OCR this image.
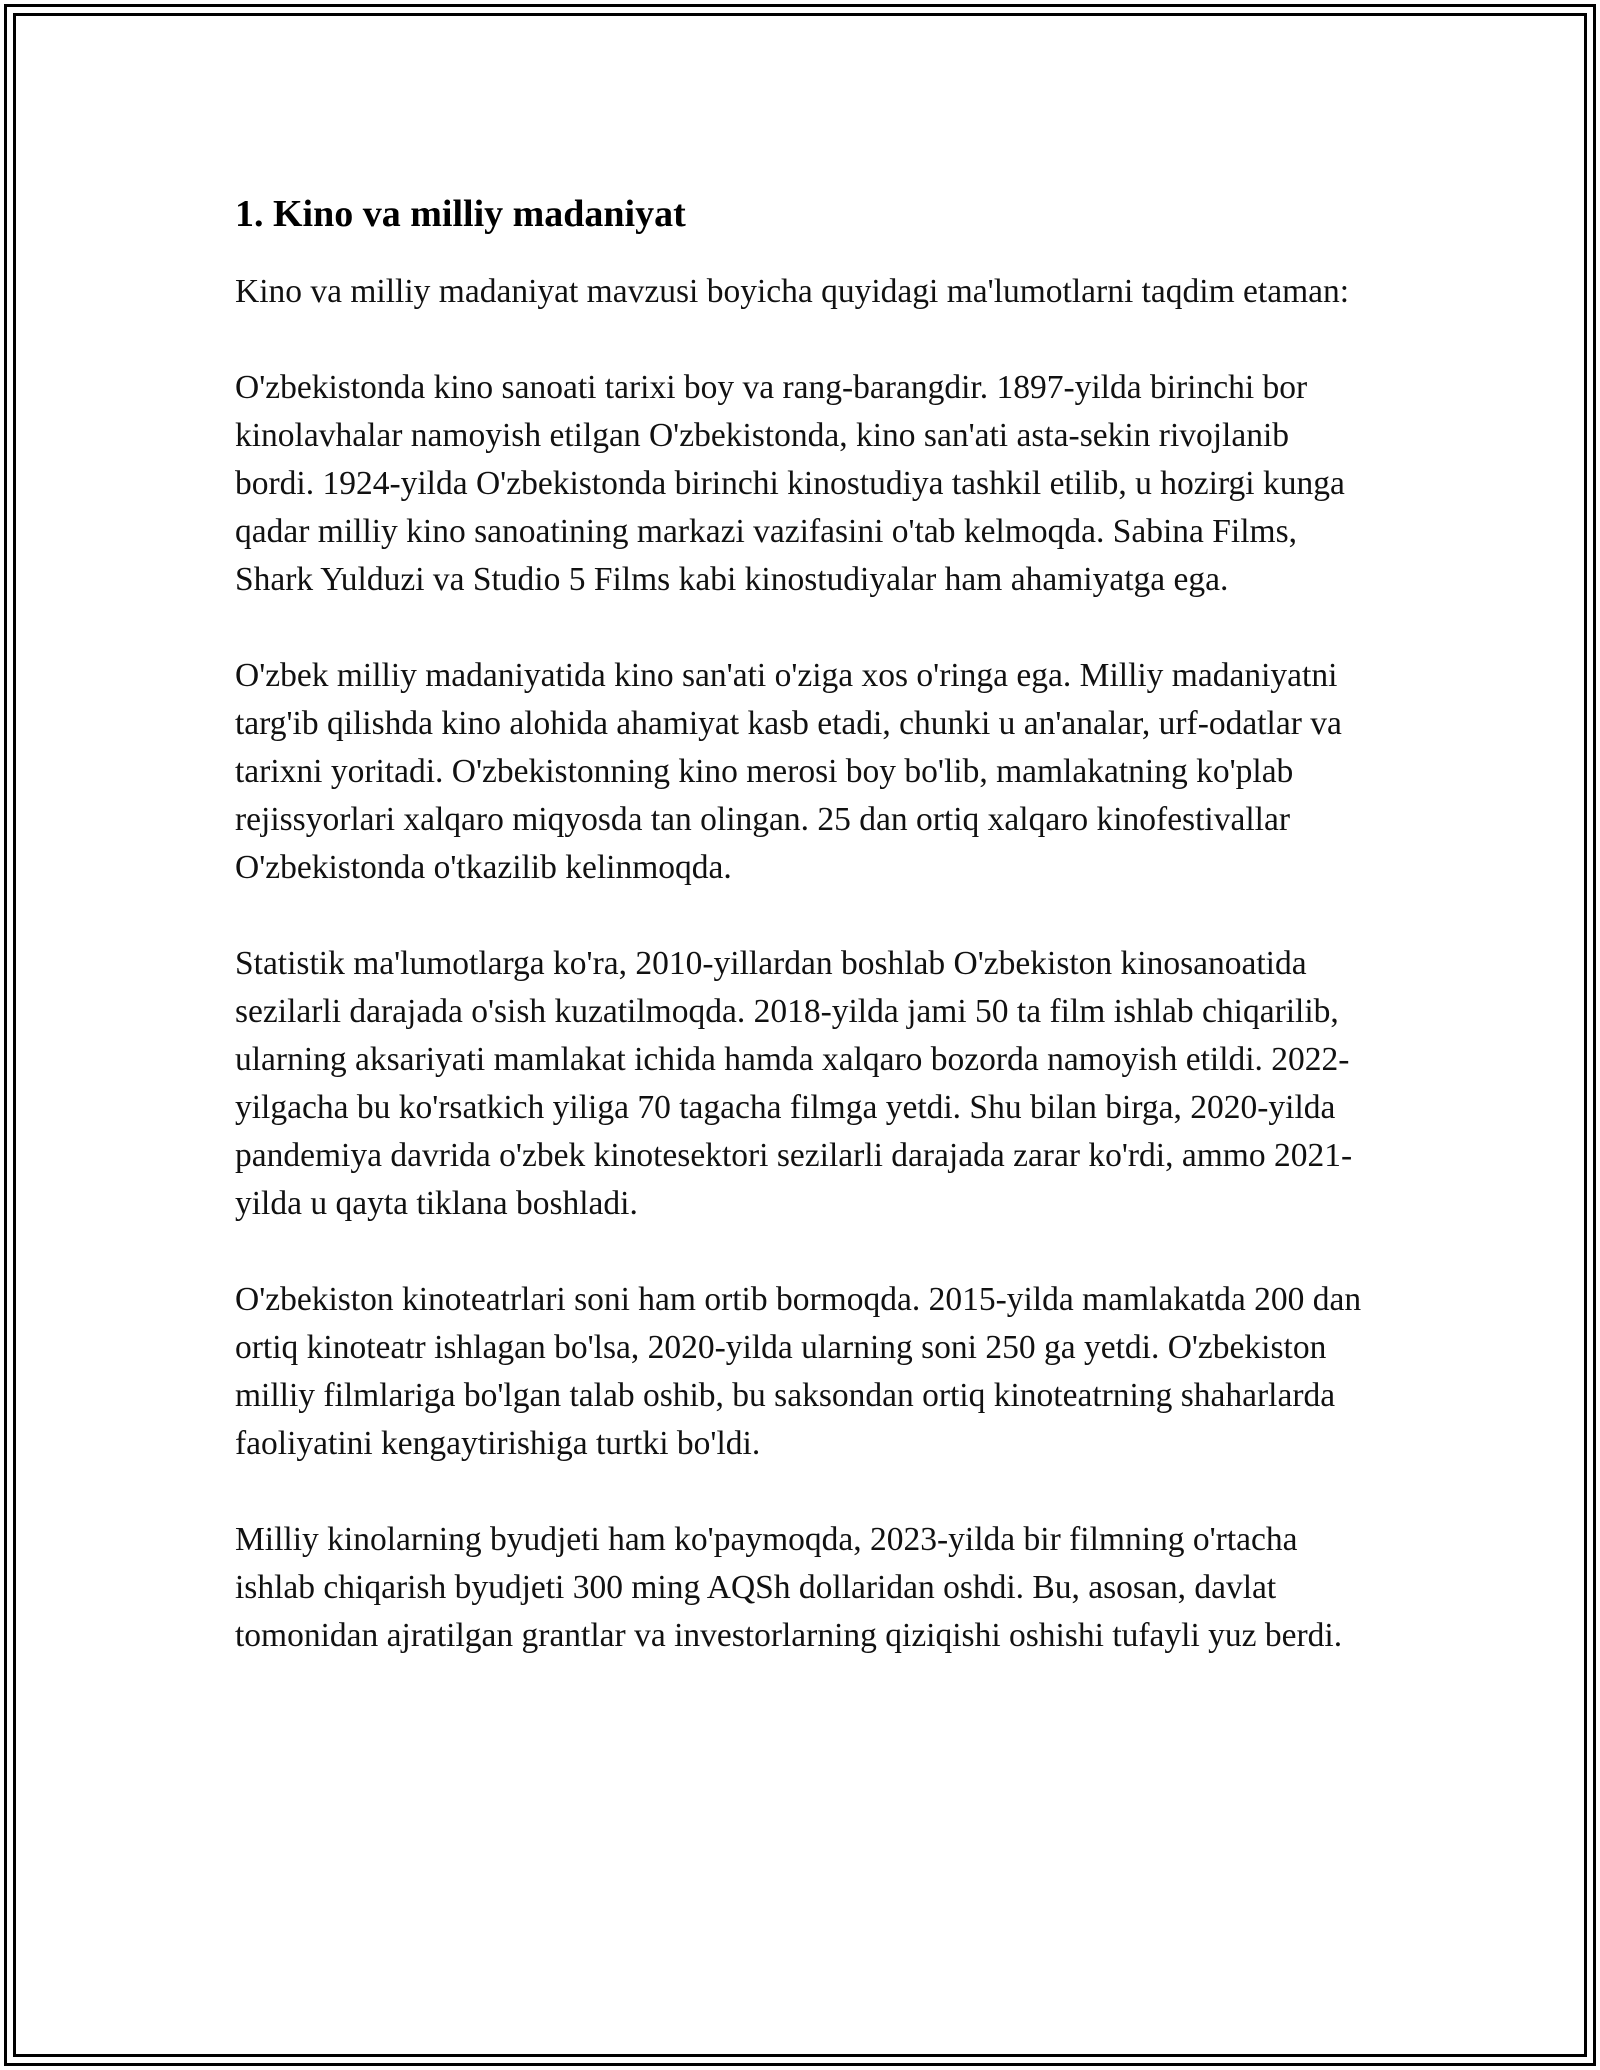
1. Kino va milliy madaniyat

Kino va milliy madaniyat mavzusi boyicha quyidagi ma'lumotlarni taqdim etaman:

O'zbekistonda kino sanoati tarixi boy va rang-barangdir. 1897-yilda birinchi bor kinolavhalar namoyish etilgan O'zbekistonda, kino san'ati asta-sekin rivojlanib bordi. 1924-yilda O'zbekistonda birinchi kinostudiya tashkil etilib, u hozirgi kunga qadar milliy kino sanoatining markazi vazifasini o'tab kelmoqda. Sabina Films, Shark Yulduzi va Studio 5 Films kabi kinostudiyalar ham ahamiyatga ega.

O'zbek milliy madaniyatida kino san'ati o'ziga xos o'ringa ega. Milliy madaniyatni targ'ib qilishda kino alohida ahamiyat kasb etadi, chunki u an'analar, urf-odatlar va tarixni yoritadi. O'zbekistonning kino merosi boy bo'lib, mamlakatning ko'plab rejissyorlari xalqaro miqyosda tan olingan. 25 dan ortiq xalqaro kinofestivallar O'zbekistonda o'tkazilib kelinmoqda.

Statistik ma'lumotlarga ko'ra, 2010-yillardan boshlab O'zbekiston kinosanoatida sezilarli darajada o'sish kuzatilmoqda. 2018-yilda jami 50 ta film ishlab chiqarilib, ularning aksariyati mamlakat ichida hamda xalqaro bozorda namoyish etildi. 2022-yilgacha bu ko'rsatkich yiliga 70 tagacha filmga yetdi. Shu bilan birga, 2020-yilda pandemiya davrida o'zbek kinotesektori sezilarli darajada zarar ko'rdi, ammo 2021-yilda u qayta tiklana boshladi.

O'zbekiston kinoteatrlari soni ham ortib bormoqda. 2015-yilda mamlakatda 200 dan ortiq kinoteatr ishlagan bo'lsa, 2020-yilda ularning soni 250 ga yetdi. O'zbekiston milliy filmlariga bo'lgan talab oshib, bu saksondan ortiq kinoteatrning shaharlarda faoliyatini kengaytirishiga turtki bo'ldi.

Milliy kinolarning byudjeti ham ko'paymoqda, 2023-yilda bir filmning o'rtacha ishlab chiqarish byudjeti 300 ming AQSh dollaridan oshdi. Bu, asosan, davlat tomonidan ajratilgan grantlar va investorlarning qiziqishi oshishi tufayli yuz berdi.
